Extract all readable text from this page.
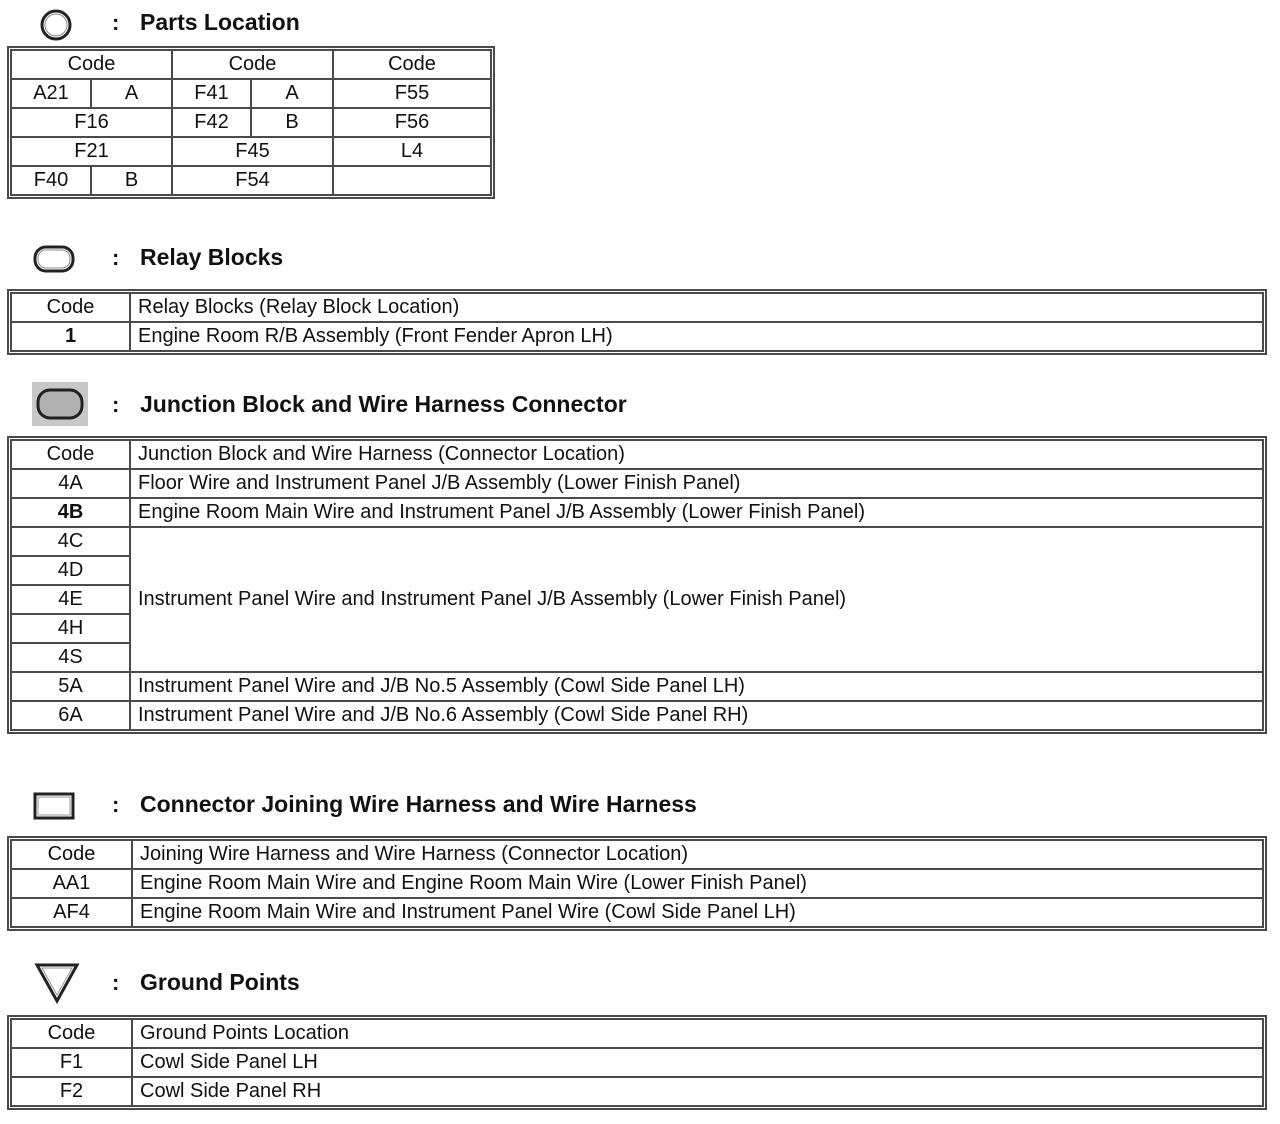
: Parts Location
Code		Code		Code
A21	A	F41	A	F55
F16		F42	B	F56
F21		F45		L4
F40	B	F54		
: Relay Blocks
Code	Relay Blocks (Relay Block Location)
1	Engine Room R/B Assembly (Front Fender Apron LH)
: Junction Block and Wire Harness Connector
Code	Junction Block and Wire Harness (Connector Location)
4A	Floor Wire and Instrument Panel J/B Assembly (Lower Finish Panel)
4B	Engine Room Main Wire and Instrument Panel J/B Assembly (Lower Finish Panel)
4C	Instrument Panel Wire and Instrument Panel J/B Assembly (Lower Finish Panel)
4D	
4E	
4H	
4S	
5A	Instrument Panel Wire and J/B No.5 Assembly (Cowl Side Panel LH)
6A	Instrument Panel Wire and J/B No.6 Assembly (Cowl Side Panel RH)
: Connector Joining Wire Harness and Wire Harness
Code	Joining Wire Harness and Wire Harness (Connector Location)
AA1	Engine Room Main Wire and Engine Room Main Wire (Lower Finish Panel)
AF4	Engine Room Main Wire and Instrument Panel Wire (Cowl Side Panel LH)
: Ground Points
Code	Ground Points Location
F1	Cowl Side Panel LH
F2	Cowl Side Panel RH
